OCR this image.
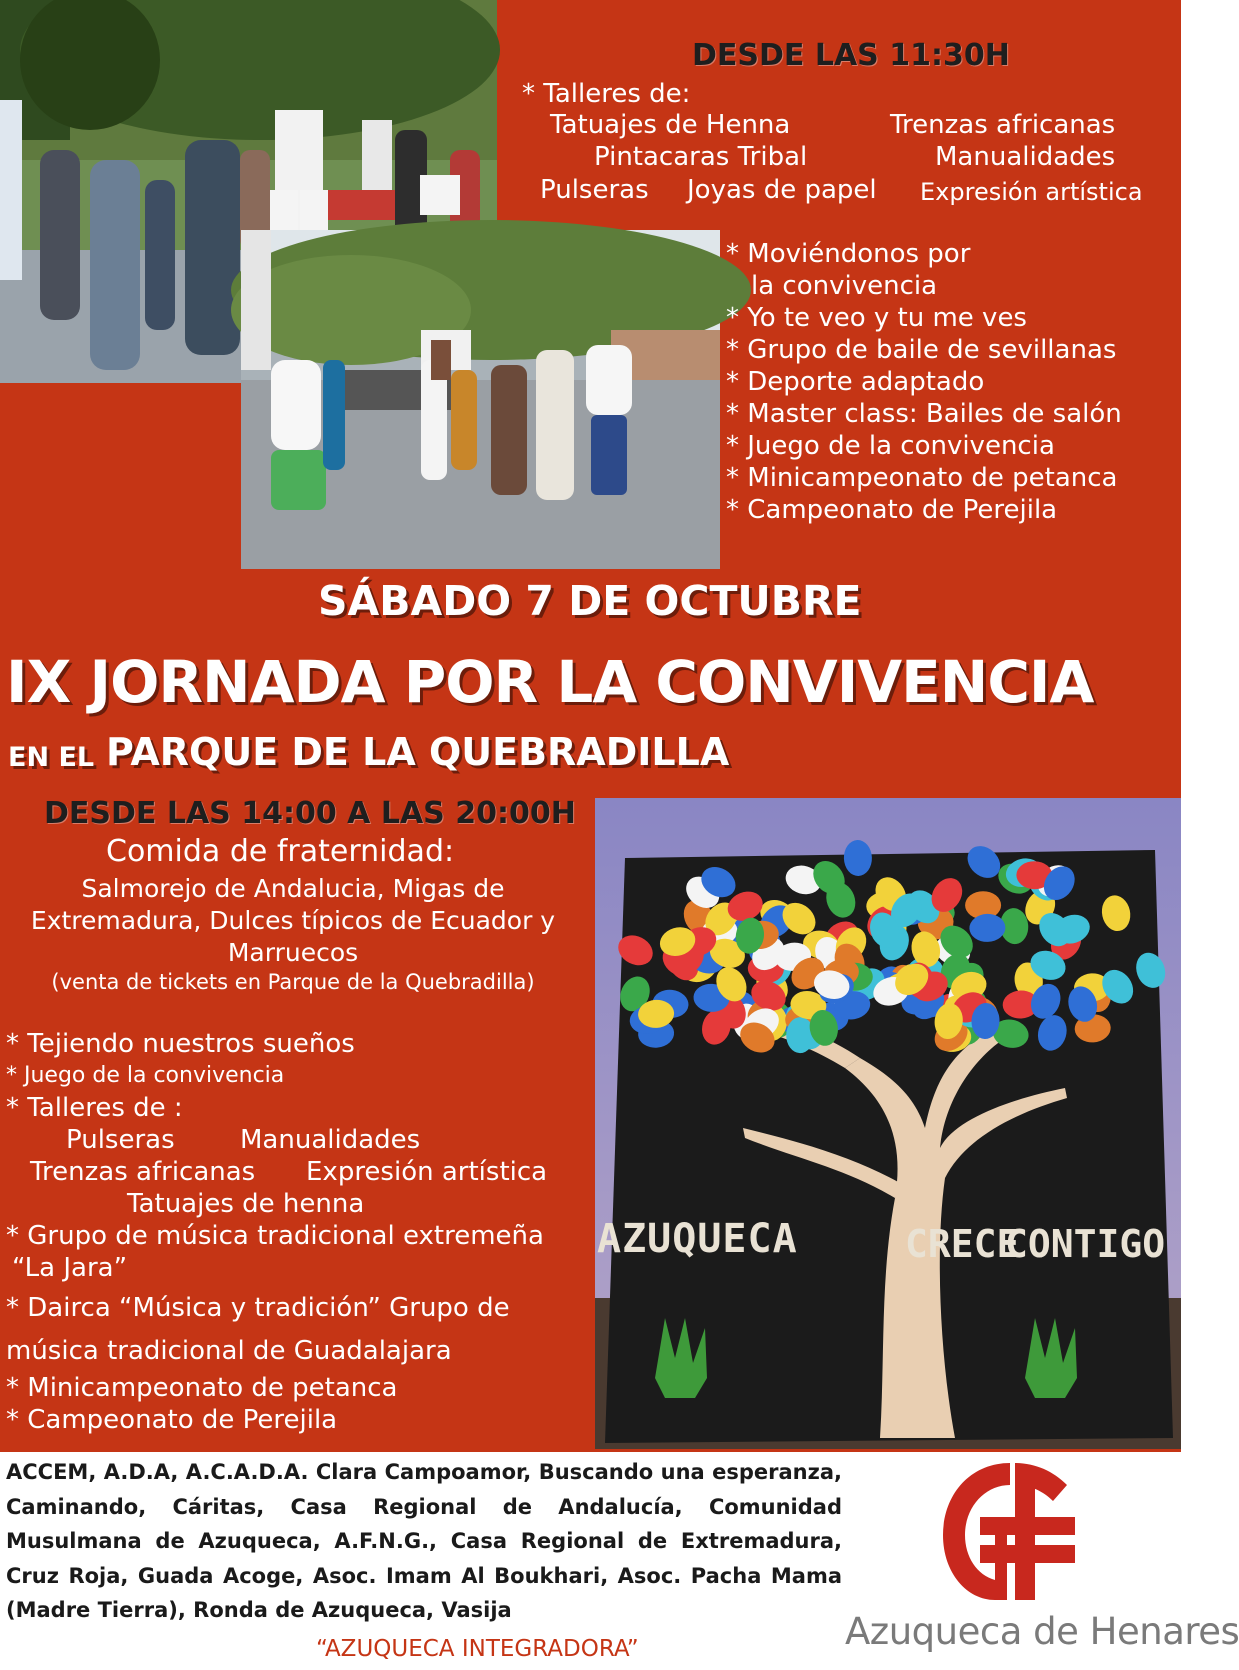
DESDE LAS 11:30H
* Talleres de:
Tatuajes de Henna	Trenzas africanas
Pintacaras Tribal	Manualidades
Pulseras Joyas de papel Expresión artística
* Moviéndonos por
la convivencia
* Yo te veo y tu me ves
* Grupo de baile de sevillanas
* Deporte adaptado
* Master class: Bailes de salón
* Juego de la convivencia
* Minicampeonato de petanca
* Campeonato de Perejila
SÁBADO 7 DE OCTUBRE
IX JORNADA POR LA CONVIVENCIA
EN EL PARQUE DE LA QUEBRADILLA
DESDE LAS 14:00 A LAS 20:00H
Comida de fraternidad:
Salmorejo de Andalucia, Migas de
Extremadura, Dulces típicos de Ecuador y
Marruecos
(venta de tickets en Parque de la Quebradilla)
* Tejiendo nuestros sueños
* Juego de la convivencia
* Talleres de :
Pulseras	Manualidades
Trenzas africanas Expresión artística
Tatuajes de henna
* Grupo de música tradicional extremeña
“La Jara”
* Dairca “Música y tradición” Grupo de
música tradicional de Guadalajara
* Minicampeonato de petanca
* Campeonato de Perejila
AZUQUECA	CRECE
CONTIGO
ACCEM, A.D.A, A.C.A.D.A. Clara Campoamor, Buscando una esperanza, Caminando, Cáritas, Casa Regional de Andalucía, Comunidad Musulmana de Azuqueca, A.F.N.G., Casa Regional de Extremadura, Cruz Roja, Guada Acoge, Asoc. Imam Al Boukhari, Asoc. Pacha Mama (Madre Tierra), Ronda de Azuqueca, Vasija
“AZUQUECA INTEGRADORA”	Azuqueca de Henares
